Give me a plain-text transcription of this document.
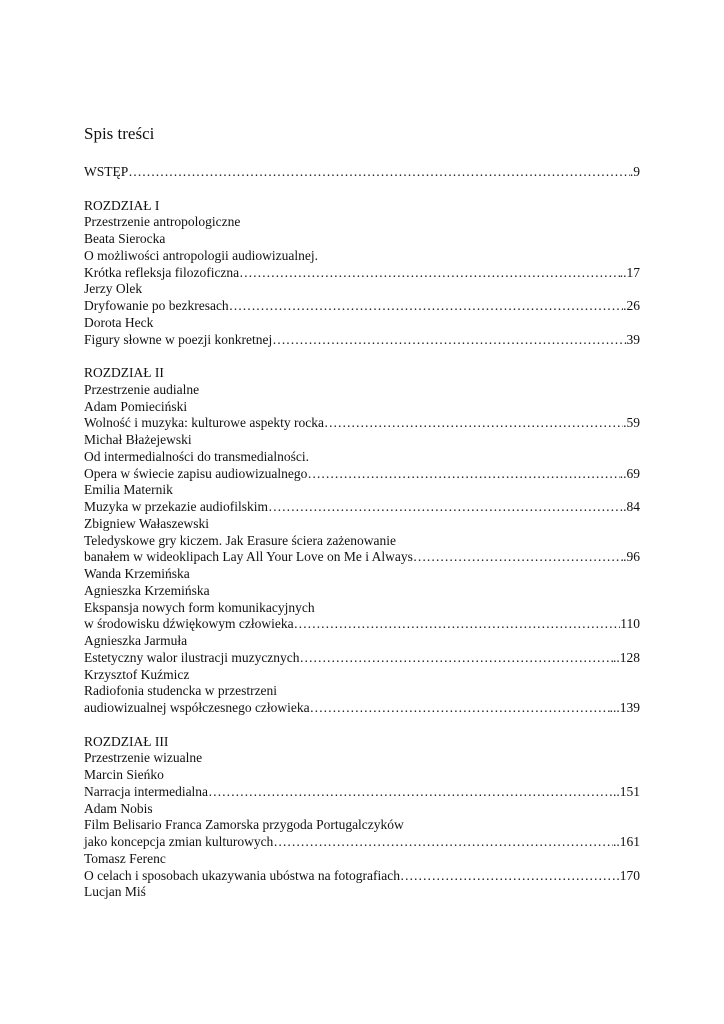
Spis treści
WSTĘP …………………………………………………………………………………………………………………………………………………………………………………………………………	.9
ROZDZIAŁ I
Przestrzenie antropologiczne
Beata Sierocka
O możliwości antropologii audiowizualnej.
Krótka refleksja filozoficzna …………………………………………………………………………………………………………………………………………………………………………………………………………	..17
Jerzy Olek
Dryfowanie po bezkresach …………………………………………………………………………………………………………………………………………………………………………………………………………	.26
Dorota Heck
Figury słowne w poezji konkretnej …………………………………………………………………………………………………………………………………………………………………………………………………………	39
ROZDZIAŁ II
Przestrzenie audialne
Adam Pomieciński
Wolność i muzyka: kulturowe aspekty rocka …………………………………………………………………………………………………………………………………………………………………………………………………………	.59
Michał Błażejewski
Od intermedialności do transmedialności.
Opera w świecie zapisu audiowizualnego …………………………………………………………………………………………………………………………………………………………………………………………………………	..69
Emilia Maternik
Muzyka w przekazie audiofilskim …………………………………………………………………………………………………………………………………………………………………………………………………………	..84
Zbigniew Wałaszewski
Teledyskowe gry kiczem. Jak Erasure ściera zażenowanie
banałem w wideoklipach Lay All Your Love on Me i Always …………………………………………………………………………………………………………………………………………………………………………………………………………	.96
Wanda Krzemińska
Agnieszka Krzemińska
Ekspansja nowych form komunikacyjnych
w środowisku dźwiękowym człowieka …………………………………………………………………………………………………………………………………………………………………………………………………………	110
Agnieszka Jarmuła
Estetyczny walor ilustracji muzycznych …………………………………………………………………………………………………………………………………………………………………………………………………………	..128
Krzysztof Kuźmicz
Radiofonia studencka w przestrzeni
audiowizualnej współczesnego człowieka …………………………………………………………………………………………………………………………………………………………………………………………………………	...139
ROZDZIAŁ III
Przestrzenie wizualne
Marcin Sieńko
Narracja intermedialna …………………………………………………………………………………………………………………………………………………………………………………………………………	..151
Adam Nobis
Film Belisario Franca Zamorska przygoda Portugalczyków
jako koncepcja zmian kulturowych …………………………………………………………………………………………………………………………………………………………………………………………………………	..161
Tomasz Ferenc
O celach i sposobach ukazywania ubóstwa na fotografiach …………………………………………………………………………………………………………………………………………………………………………………………………………	.170
Lucjan Miś
